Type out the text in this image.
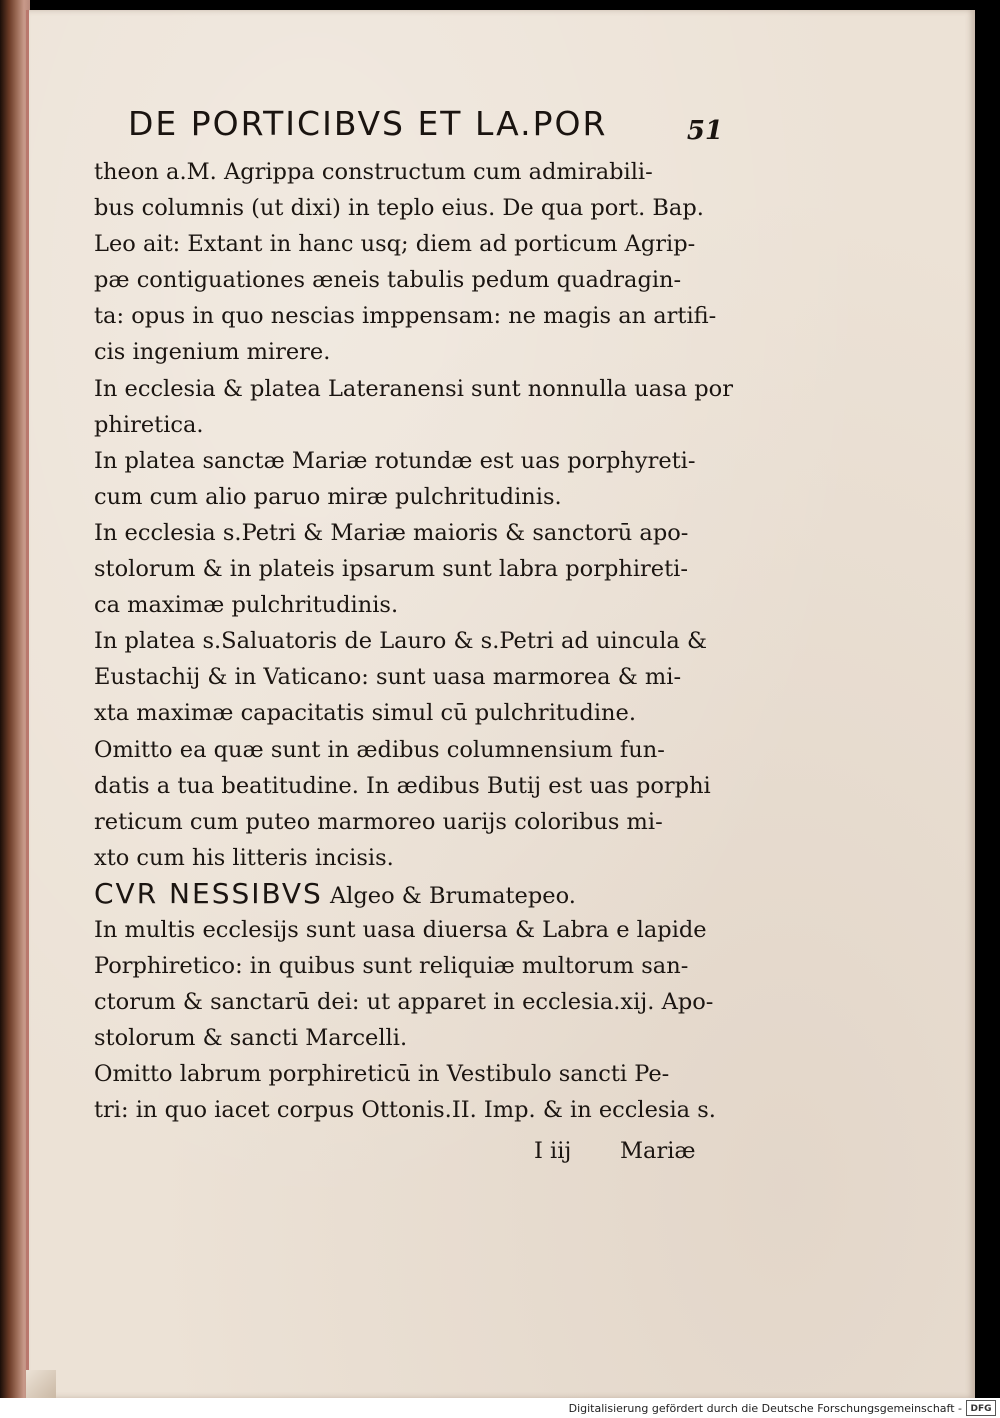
DE PORTICIBVS ET LA.POR	51
theon a.M. Agrippa constructum cum admirabili-
bus columnis (ut dixi) in teplo eius. De qua port. Bap.
Leo ait: Extant in hanc usq; diem ad porticum Agrip-
pæ contiguationes æneis tabulis pedum quadragin-
ta: opus in quo nescias imppensam: ne magis an artifi-
cis ingenium mirere.
In ecclesia & platea Lateranensi sunt nonnulla uasa por
phiretica.
In platea sanctæ Mariæ rotundæ est uas porphyreti-
cum cum alio paruo miræ pulchritudinis.
In ecclesia s.Petri & Mariæ maioris & sanctorū apo-
stolorum & in plateis ipsarum sunt labra porphireti-
ca maximæ pulchritudinis.
In platea s.Saluatoris de Lauro & s.Petri ad uincula &
Eustachij & in Vaticano: sunt uasa marmorea & mi-
xta maximæ capacitatis simul cū pulchritudine.
Omitto ea quæ sunt in ædibus columnensium fun-
datis a tua beatitudine. In ædibus Butij est uas porphi
reticum cum puteo marmoreo uarijs coloribus mi-
xto cum his litteris incisis.
CVR NESSIBVS Algeo & Brumatepeo.
In multis ecclesijs sunt uasa diuersa & Labra e lapide
Porphiretico: in quibus sunt reliquiæ multorum san-
ctorum & sanctarū dei: ut apparet in ecclesia.xij. Apo-
stolorum & sancti Marcelli.
Omitto labrum porphireticū in Vestibulo sancti Pe-
tri: in quo iacet corpus Ottonis.II. Imp. & in ecclesia s.
I iij Mariæ
Digitalisierung gefördert durch die Deutsche Forschungsgemeinschaft - DFG
